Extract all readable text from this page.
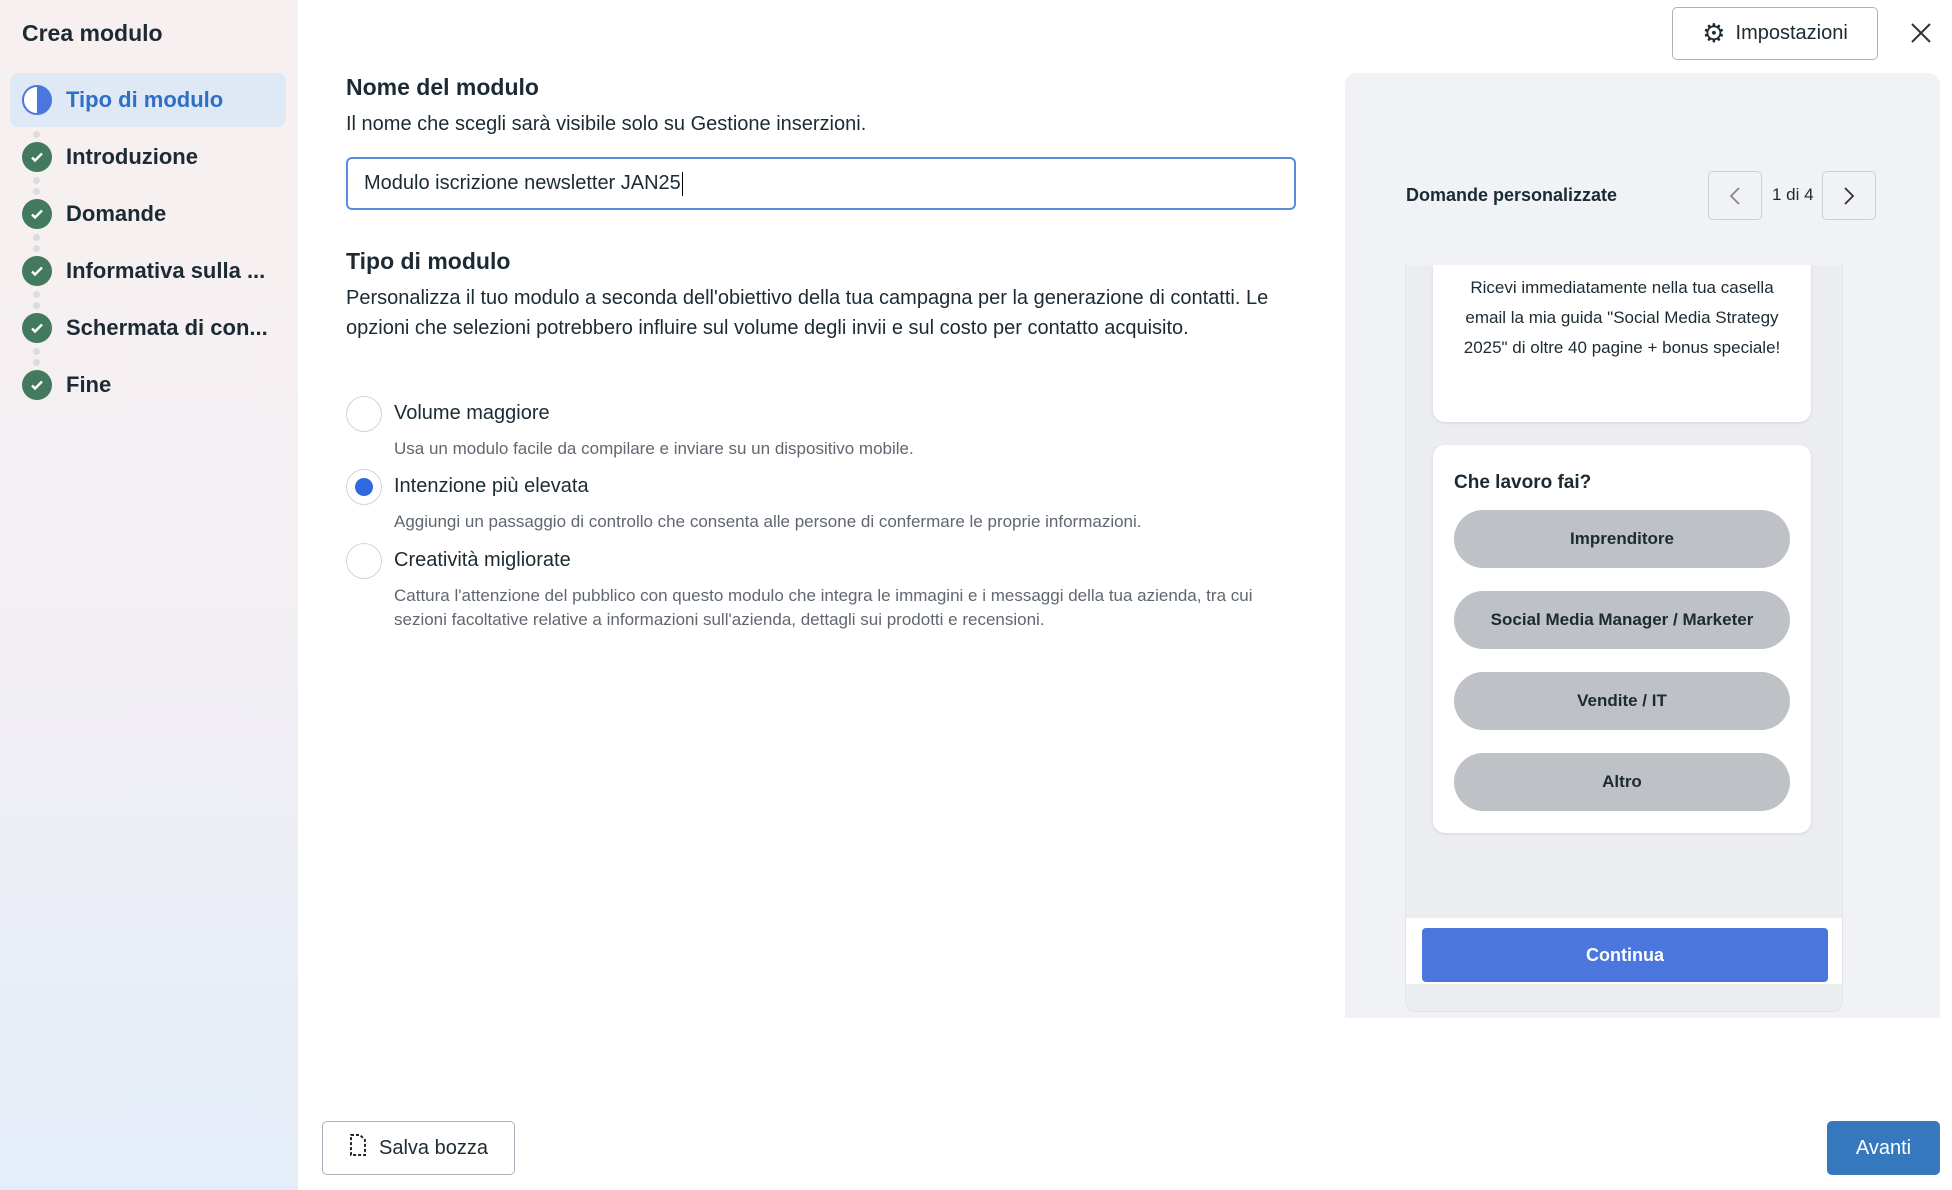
Crea modulo
Tipo di modulo
Introduzione
Domande
Informativa sulla ...
Schermata di con...
Fine
Nome del modulo
Il nome che scegli sarà visibile solo su Gestione inserzioni.
Modulo iscrizione newsletter JAN25
Tipo di modulo
Personalizza il tuo modulo a seconda dell'obiettivo della tua campagna per la generazione di contatti. Le opzioni che selezioni potrebbero influire sul volume degli invii e sul costo per contatto acquisito.
Volume maggiore
Usa un modulo facile da compilare e inviare su un dispositivo mobile.
Intenzione più elevata
Aggiungi un passaggio di controllo che consenta alle persone di confermare le proprie informazioni.
Creatività migliorate
Cattura l'attenzione del pubblico con questo modulo che integra le immagini e i messaggi della tua azienda, tra cui sezioni facoltative relative a informazioni sull'azienda, dettagli sui prodotti e recensioni.
⚙ Impostazioni
Domande personalizzate	1 di 4
Ricevi immediatamente nella tua casella email la mia guida "Social Media Strategy 2025" di oltre 40 pagine + bonus speciale!
Che lavoro fai?
Imprenditore
Social Media Manager / Marketer
Vendite / IT
Altro
Continua
Salva bozza	Avanti
